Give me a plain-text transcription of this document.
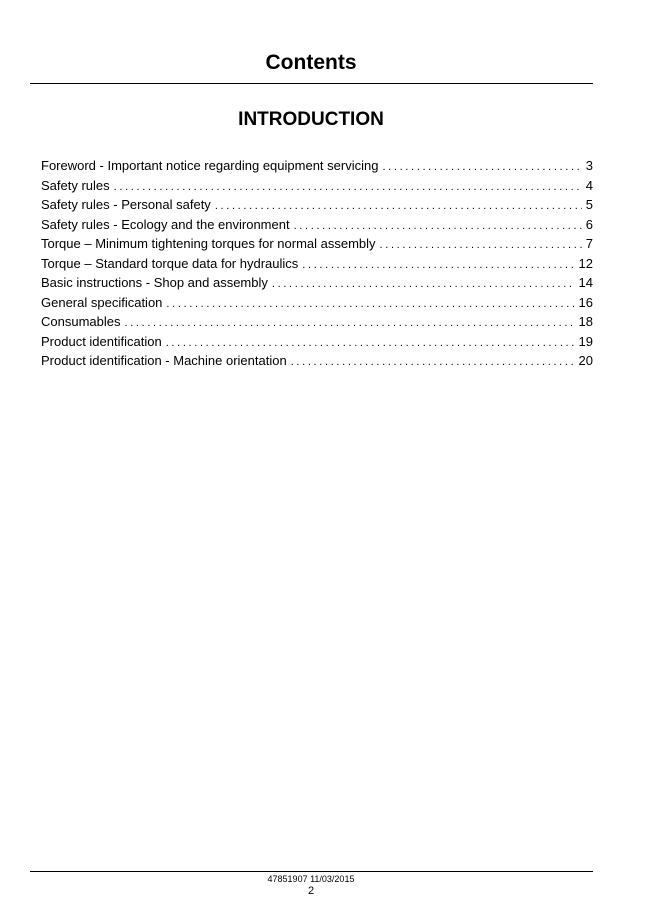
Contents
INTRODUCTION
Foreword - Important notice regarding equipment servicing . . .	3
Safety rules . . .	4
Safety rules - Personal safety . . .	5
Safety rules - Ecology and the environment . . .	6
Torque – Minimum tightening torques for normal assembly . . .	7
Torque – Standard torque data for hydraulics . . .	12
Basic instructions - Shop and assembly . . .	14
General specification . . .	16
Consumables . . .	18
Product identification . . .	19
Product identification - Machine orientation . . .	20
47851907 11/03/2015
2
